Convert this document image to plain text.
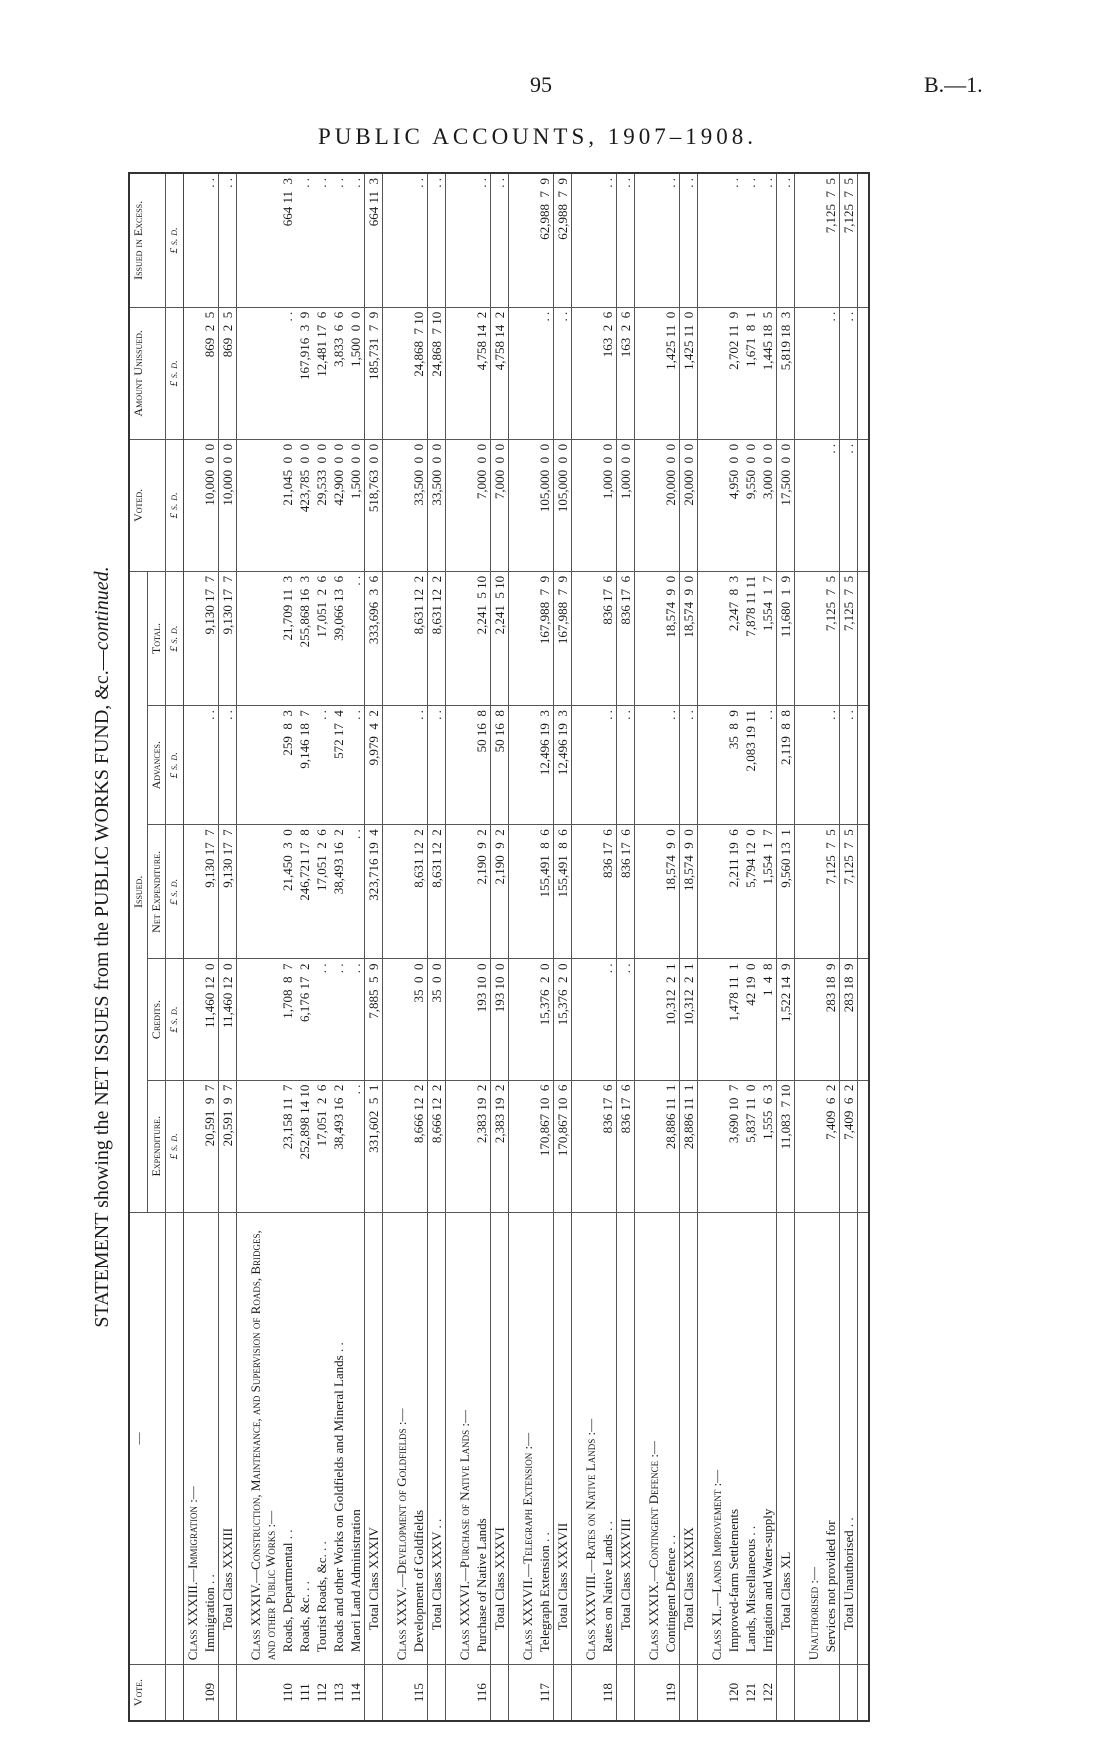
95	B.—1.
PUBLIC ACCOUNTS, 1907–1908.
STATEMENT showing the NET ISSUES from the PUBLIC WORKS FUND, &c.—continued.
Vote.	—	Issued.					Voted.	Amount Unissued.	Issued in Excess.
		Expenditure.	Credits.	Net Expenditure.	Advances.	Total.			
		£ s. d.	£ s. d.	£ s. d.	£ s. d.	£ s. d.	£ s. d.	£ s. d.	£ s. d.
	Class XXXIII.—Immigration :—								
109	Immigration . .	20,591  9  7	11,460 12  0	9,130 17  7	. .	9,130 17  7	10,000  0  0	869  2  5	. .
	Total Class XXXIII	20,591  9  7	11,460 12  0	9,130 17  7	. .	9,130 17  7	10,000  0  0	869  2  5	. .

	Class XXXIV.—Construction, Maintenance, and Supervision of Roads, Bridges, and other Public Works :—								
110	Roads, Departmental . .	23,158 11  7	1,708  8  7	21,450  3  0	259  8  3	21,709 11  3	21,045  0  0	. .	664 11  3
111	Roads, &c. . .	252,898 14 10	6,176 17  2	246,721 17  8	9,146 18  7	255,868 16  3	423,785  0  0	167,916  3  9	. .
112	Tourist Roads, &c. . .	17,051  2  6	. .	17,051  2  6	. .	17,051  2  6	29,533  0  0	12,481 17  6	. .
113	Roads and other Works on Goldfields and Mineral Lands . .	38,493 16  2	. .	38,493 16  2	572 17  4	39,066 13  6	42,900  0  0	3,833  6  6	. .
114	Maori Land Administration	. .	. .	. .	. .	. .	1,500  0  0	1,500  0  0	. .
	Total Class XXXIV	331,602  5  1	7,885  5  9	323,716 19  4	9,979  4  2	333,696  3  6	518,763  0  0	185,731  7  9	664 11  3

	Class XXXV.—Development of Goldfields :—								
115	Development of Goldfields	8,666 12  2	35  0  0	8,631 12  2	. .	8,631 12  2	33,500  0  0	24,868  7 10	. .
	Total Class XXXV . .	8,666 12  2	35  0  0	8,631 12  2	. .	8,631 12  2	33,500  0  0	24,868  7 10	. .

	Class XXXVI.—Purchase of Native Lands :—								
116	Purchase of Native Lands	2,383 19  2	193 10  0	2,190  9  2	50 16  8	2,241  5 10	7,000  0  0	4,758 14  2	. .
	Total Class XXXVI	2,383 19  2	193 10  0	2,190  9  2	50 16  8	2,241  5 10	7,000  0  0	4,758 14  2	. .

	Class XXXVII.—Telegraph Extension :—								
117	Telegraph Extension . .	170,867 10  6	15,376  2  0	155,491  8  6	12,496 19  3	167,988  7  9	105,000  0  0	. .	62,988  7  9
	Total Class XXXVII	170,867 10  6	15,376  2  0	155,491  8  6	12,496 19  3	167,988  7  9	105,000  0  0	. .	62,988  7  9

	Class XXXVIII.—Rates on Native Lands :—								
118	Rates on Native Lands . .	836 17  6	. .	836 17  6	. .	836 17  6	1,000  0  0	163  2  6	. .
	Total Class XXXVIII	836 17  6	. .	836 17  6	. .	836 17  6	1,000  0  0	163  2  6	. .

	Class XXXIX.—Contingent Defence :—								
119	Contingent Defence . .	28,886 11  1	10,312  2  1	18,574  9  0	. .	18,574  9  0	20,000  0  0	1,425 11  0	. .
	Total Class XXXIX	28,886 11  1	10,312  2  1	18,574  9  0	. .	18,574  9  0	20,000  0  0	1,425 11  0	. .

	Class XL.—Lands Improvement :—								
120	Improved-farm Settlements	3,690 10  7	1,478 11  1	2,211 19  6	35  8  9	2,247  8  3	4,950  0  0	2,702 11  9	. .
121	Lands, Miscellaneous . .	5,837 11  0	42 19  0	5,794 12  0	2,083 19 11	7,878 11 11	9,550  0  0	1,671  8  1	. .
122	Irrigation and Water-supply	1,555  6  3	1  4  8	1,554  1  7	. .	1,554  1  7	3,000  0  0	1,445 18  5	. .
	Total Class XL	11,083  7 10	1,522 14  9	9,560 13  1	2,119  8  8	11,680  1  9	17,500  0  0	5,819 18  3	. .

	Unauthorised :—								

	Services not provided for	7,409  6  2	283 18  9	7,125  7  5	. .	7,125  7  5	. .	. .	7,125  7  5
	Total Unauthorised . .	7,409  6  2	283 18  9	7,125  7  5	. .	7,125  7  5	. .	. .	7,125  7  5
